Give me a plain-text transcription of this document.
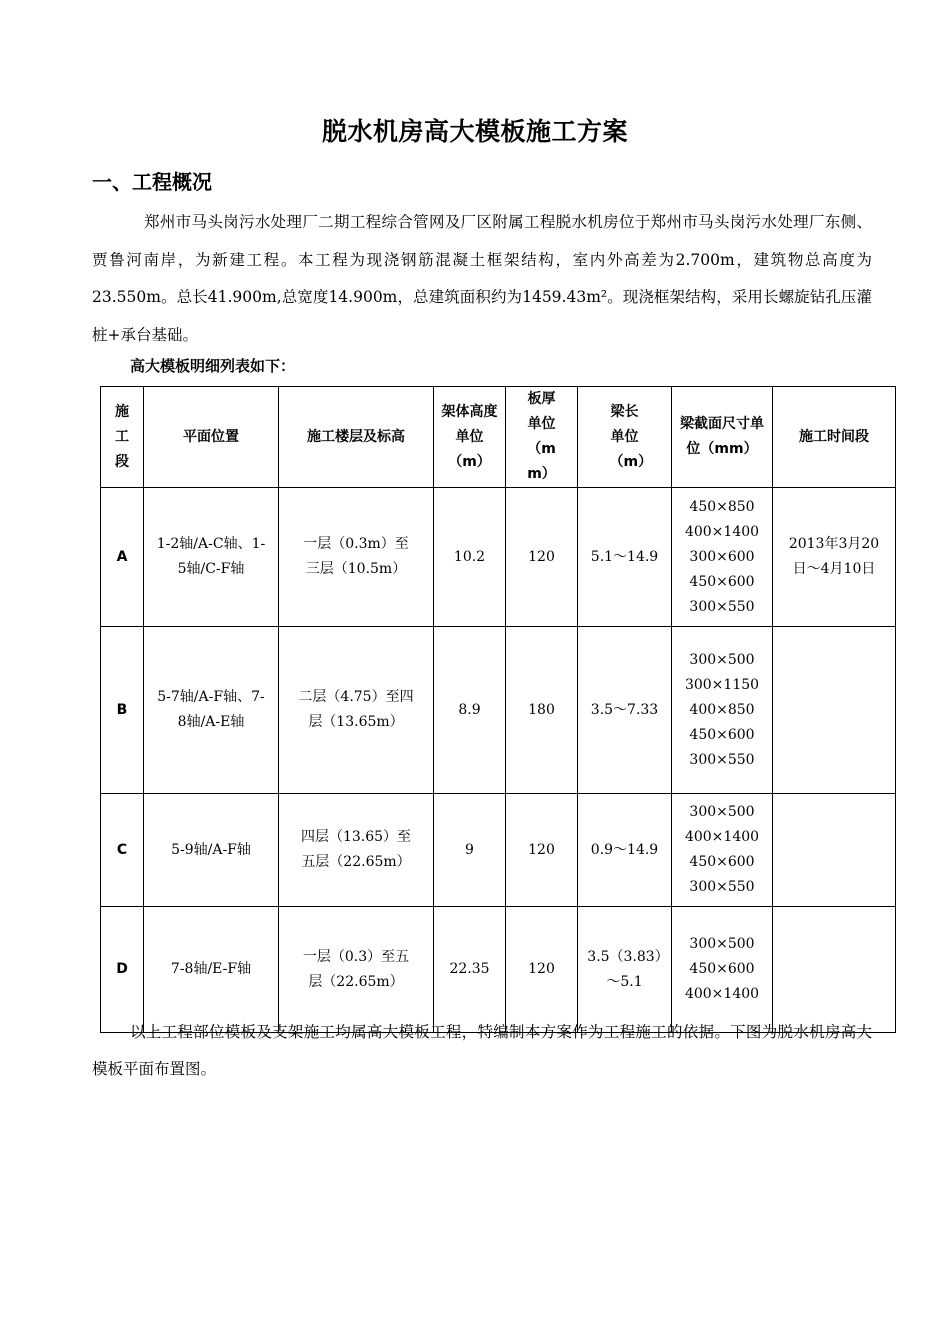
脱水机房高大模板施工方案
一、工程概况
郑州市马头岗污水处理厂二期工程综合管网及厂区附属工程脱水机房位于郑州市马头岗污水处理厂东侧、贾鲁河南岸，为新建工程。本工程为现浇钢筋混凝土框架结构，室内外高差为2.700m，建筑物总高度为23.550m。总长41.900m,总宽度14.900m，总建筑面积约为1459.43m²。现浇框架结构，采用长螺旋钻孔压灌桩+承台基础。
高大模板明细列表如下：
施工段	平面位置	施工楼层及标高	架体高度单位（m）	板厚单位（mm）	梁长单位（m）	梁截面尺寸单位（mm）	施工时间段

A	1-2轴/A-C轴、1-5轴/C-F轴	一层（0.3m）至三层（10.5m）	10.2	120	5.1～14.9	450×850
400×1400
300×600
450×600
300×550	2013年3月20日～4月10日

B	5-7轴/A-F轴、7-8轴/A-E轴	二层（4.75）至四层（13.65m）	8.9	180	3.5～7.33	300×500
300×1150
400×850
450×600
300×550	

C	5-9轴/A-F轴	四层（13.65）至五层（22.65m）	9	120	0.9～14.9	300×500
400×1400
450×600
300×550	

D	7-8轴/E-F轴	一层（0.3）至五层（22.65m）	22.35	120	3.5（3.83）～5.1	300×500
450×600
400×1400	

以上工程部位模板及支架施工均属高大模板工程，特编制本方案作为工程施工的依据。下图为脱水机房高大模板平面布置图。
